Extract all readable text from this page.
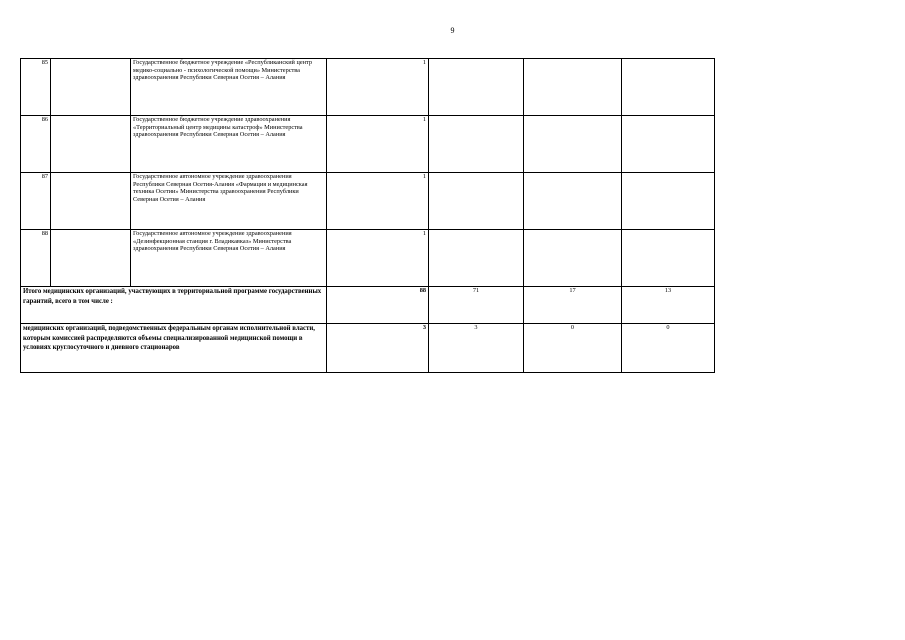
9
85		Государственное бюджетное учреждение «Республиканский центр медико-социально - психологической помощи» Министерства здравоохранения Республики Северная Осетия – Алания	1			
86		Государственное бюджетное учреждение здравоохранения «Территориальный центр медицины катастроф» Министерства здравоохранения Республики Северная Осетия – Алания	1			
87		Государственное автономное учреждение здравоохранения Республики Северная Осетия-Алания «Фармация и медицинская техника Осетии» Министерства здравоохранения Республики Северная Осетия – Алания	1			
88		Государственное автономное учреждение здравоохранения «Дезинфекционная станция г. Владикавказ» Министерства здравоохранения Республики Северная Осетия – Алания	1			
Итого медицинских организаций, участвующих в территориальной программе государственных гарантий, всего в том числе :			88	71	17	13
медицинских организаций, подведомственных федеральным органам исполнительной власти, которым комиссией распределяются объемы специализированной медицинской помощи в условиях круглосуточного и дневного стационаров			3	3	0	0
